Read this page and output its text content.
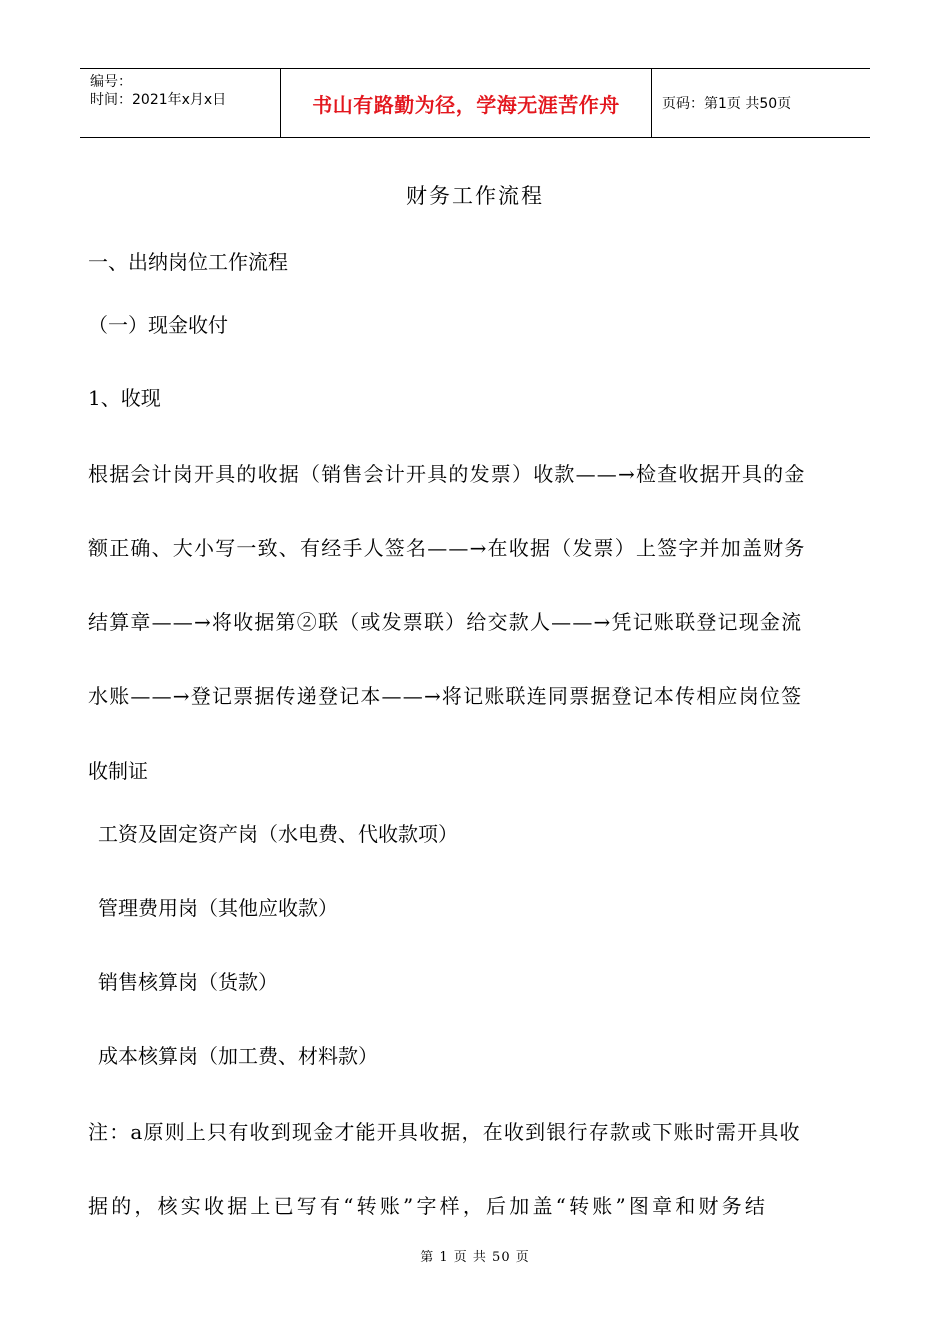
编号：
时间：2021年x月x日	书山有路勤为径，学海无涯苦作舟	页码：第1页 共50页
财务工作流程
一、出纳岗位工作流程
（一）现金收付
1、收现
根据会计岗开具的收据（销售会计开具的发票）收款——→检查收据开具的金
额正确、大小写一致、有经手人签名——→在收据（发票）上签字并加盖财务
结算章——→将收据第②联（或发票联）给交款人——→凭记账联登记现金流
水账——→登记票据传递登记本——→将记账联连同票据登记本传相应岗位签
收制证
工资及固定资产岗（水电费、代收款项）
管理费用岗（其他应收款）
销售核算岗（货款）
成本核算岗（加工费、材料款）
注：a原则上只有收到现金才能开具收据，在收到银行存款或下账时需开具收
据的，核实收据上已写有“转账”字样，后加盖“转账”图章和财务结
第 1 页 共 50 页
